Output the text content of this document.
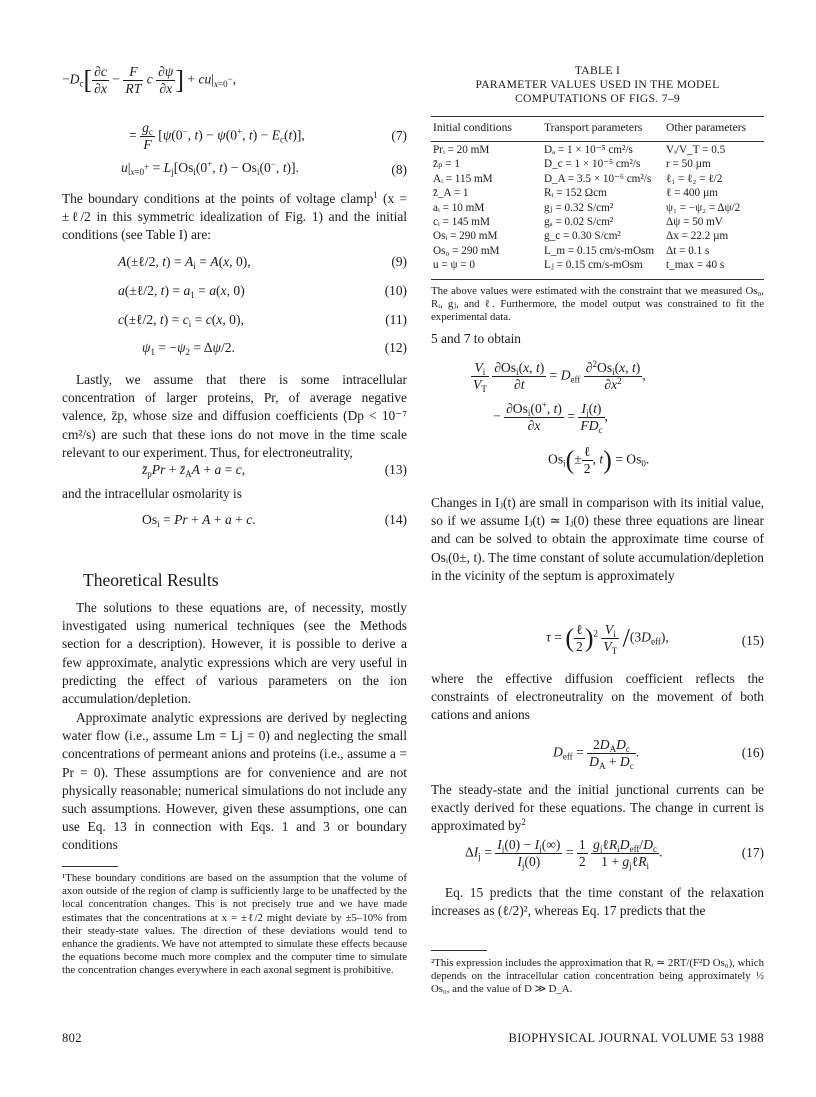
$-D_c[ \frac{\partial c}{\partial x} - \frac{F}{RT}$ c $\frac{\partial\psi}{\partial x}$ ] + $cu|_{x=0^-}$,
= $\frac{g_c}{F} [\psi(0^-$, t) − ψ(0+, $t) - E_c(t)$],	(7)
$u|_{x=0^+} = L_j[Os_i(0^+$, $t) - Os_i(0^-$, t)].	(8)

The boundary conditions at the points of voltage clamp$^1$ (x = ±ℓ/2 in this symmetric idealization of Fig. 1) and the initial conditions (see Table I) are:

A(±ℓ/2, $t) = A_i = A(x$, 0),	(9)
a(±ℓ/2, $t) = a_1 = a(x$, 0)	(10)
c(±ℓ/2, $t) = c_i = c(x$, 0),	(11)
$\psi_1 = -\psi_2 = \Delta\psi/2$.	(12)

Lastly, we assume that there is some intracellular concentration of larger proteins, Pr, of average negative valence, z̄p, whose size and diffusion coefficients (Dp < 10⁻⁷ cm²/s) are such that these ions do not move in the time scale relevant to our experiment. Thus, for electroneutrality,

$z̄_pPr$ + $z̄_AA + a = c$,	(13)

and the intracellular osmolarity is

$Os_i = Pr + A + a + c$.	(14)
Theoretical Results

The solutions to these equations are, of necessity, mostly investigated using numerical techniques (see the Methods section for a description). However, it is possible to derive a few approximate, analytic expressions which are very useful in predicting the effect of various parameters on the ion accumulation/depletion.

Approximate analytic expressions are derived by neglecting water flow (i.e., assume Lm = Lj = 0) and neglecting the small concentrations of permeant anions and proteins (i.e., assume a = Pr = 0). These assumptions are for convenience and are not physically reasonable; numerical simulations do not include any such assumptions. However, given these assumptions, one can use Eq. 13 in connection with Eqs. 1 and 3 or boundary conditions

¹These boundary conditions are based on the assumption that the volume of axon outside of the region of clamp is sufficiently large to be unaffected by the local concentration changes. This is not precisely true and we have made estimates that the concentrations at x = ±ℓ/2 might deviate by ±5–10% from their steady-state values. The direction of these deviations would tend to enhance the gradients. We have not attempted to simulate these effects because the equations become much more complex and the computer time to simulate the concentration changes everywhere in each axonal segment is prohibitive.

TABLE I
PARAMETER VALUES USED IN THE MODEL
COMPUTATIONS OF FIGS. 7–9
Initial conditions	Transport parameters	Other parameters
Prᵢ = 20 mM	Dₐ = 1 × 10⁻⁵ cm²/s	Vᵢ/V_T = 0.5
z̄ₚ = 1	D_c = 1 × 10⁻⁵ cm²/s	r = 50 µm
Aᵢ = 115 mM	D_A = 3.5 × 10⁻⁶ cm²/s	ℓ₁ = ℓ₂ = ℓ/2
z̄_A = 1	Rᵢ = 152 Ωcm	ℓ = 400 µm
aᵢ = 10 mM	gⱼ = 0.32 S/cm²	ψ₁ = −ψ₂ = Δψ/2
cᵢ = 145 mM	gₐ = 0.02 S/cm²	Δψ = 50 mV
Osᵢ = 290 mM	g_c = 0.30 S/cm²	Δx = 22.2 µm
Os₀ = 290 mM	L_m = 0.15 cm/s-mOsm	Δt = 0.1 s
u = ψ = 0	Lⱼ = 0.15 cm/s-mOsm	t_max = 40 s

The above values were estimated with the constraint that we measured Os₀, Rᵢ, gⱼ, and ℓ. Furthermore, the model output was constrained to fit the experimental data.

5 and 7 to obtain

$\frac{V_i}{V_T}$
$\frac{\partial Os_i(x, t)}{\partial t} = D_{eff} \frac{\partial^2Os_i(x, t)}{\partial x^2}$ ,
− $\frac{\partial Os_i(0^+, t)}{\partial x} = \frac{I_j(t)}{FD_c}$ ,
$Os_i(\pm \frac{\text{ℓ}}{2}$ , $t) = Os_0$.

Changes in Iⱼ(t) are small in comparison with its initial value, so if we assume Iⱼ(t) ≃ Iⱼ(0) these three equations are linear and can be solved to obtain the approximate time course of Osᵢ(0±, t). The time constant of solute accumulation/depletion in the vicinity of the septum is approximately

τ = ( $\frac{\text{ℓ}}{2} )^2 \frac{V_i}{V_T} /(3D_{eff})$,	(15)

where the effective diffusion coefficient reflects the constraints of electroneutrality on the movement of both cations and anions

$D_{eff} = \frac{2D_AD_c}{D_A + D_c}$ .	(16)

The steady-state and the initial junctional currents can be exactly derived for these equations. The change in current is approximated $by^2$

$\Delta I_j = \frac{I_j(0) - I_j(\infty)}{I_j(0)} = \frac{1}{2}$
$\frac{g_j\ell R_iD_{eff}/D_c}{1 + g_j\ell R_i}$ .	(17)

Eq. 15 predicts that the time constant of the relaxation increases as (ℓ/2)², whereas Eq. 17 predicts that the

²This expression includes the approximation that Rᵢ ≃ 2RT/(F²D Os₀), which depends on the intracellular cation concentration being approximately ½ Os₀, and the value of D ≫ D_A.

802	BIOPHYSICAL JOURNAL VOLUME 53 1988
